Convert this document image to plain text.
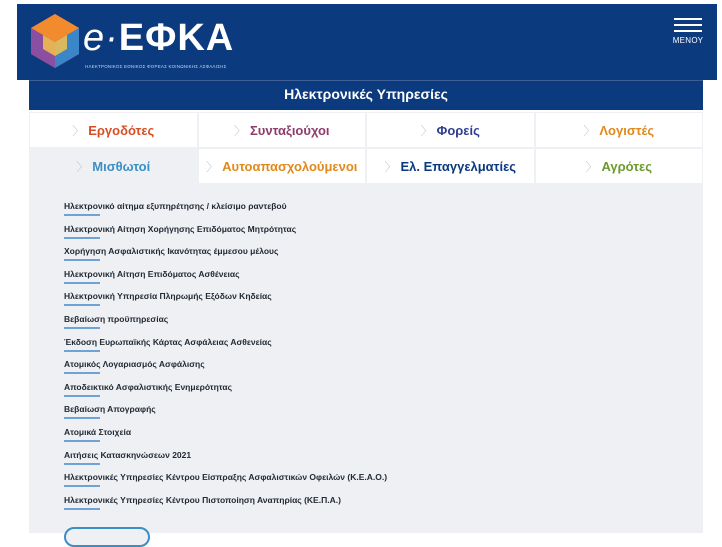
e·ΕΦΚΑ
ΗΛΕΚΤΡΟΝΙΚΟΣ ΕΘΝΙΚΟΣ ΦΟΡΕΑΣ ΚΟΙΝΩΝΙΚΗΣ ΑΣΦΑΛΙΣΗΣ
ΜΕΝΟΥ
Ηλεκτρονικές Υπηρεσίες
〉 Εργοδότες	〉 Συνταξιούχοι	〉 Φορείς	〉 Λογιστές
〉 Μισθωτοί	〉 Αυτοαπασχολούμενοι 〉 Ελ. Επαγγελματίες	〉 Αγρότες
Ηλεκτρονικό αίτημα εξυπηρέτησης / κλείσιμο ραντεβού
Ηλεκτρονική Αίτηση Χορήγησης Επιδόματος Μητρότητας
Χορήγηση Ασφαλιστικής Ικανότητας έμμεσου μέλους
Ηλεκτρονική Αίτηση Επιδόματος Ασθένειας
Ηλεκτρονική Υπηρεσία Πληρωμής Εξόδων Κηδείας
Βεβαίωση προϋπηρεσίας
Έκδοση Ευρωπαϊκής Κάρτας Ασφάλειας Ασθενείας
Ατομικός Λογαριασμός Ασφάλισης
Αποδεικτικό Ασφαλιστικής Ενημερότητας
Βεβαίωση Απογραφής
Ατομικά Στοιχεία
Αιτήσεις Κατασκηνώσεων 2021
Ηλεκτρονικές Υπηρεσίες Κέντρου Είσπραξης Ασφαλιστικών Οφειλών (Κ.Ε.Α.Ο.)
Ηλεκτρονικές Υπηρεσίες Κέντρου Πιστοποίηση Αναπηρίας (ΚΕ.Π.Α.)
